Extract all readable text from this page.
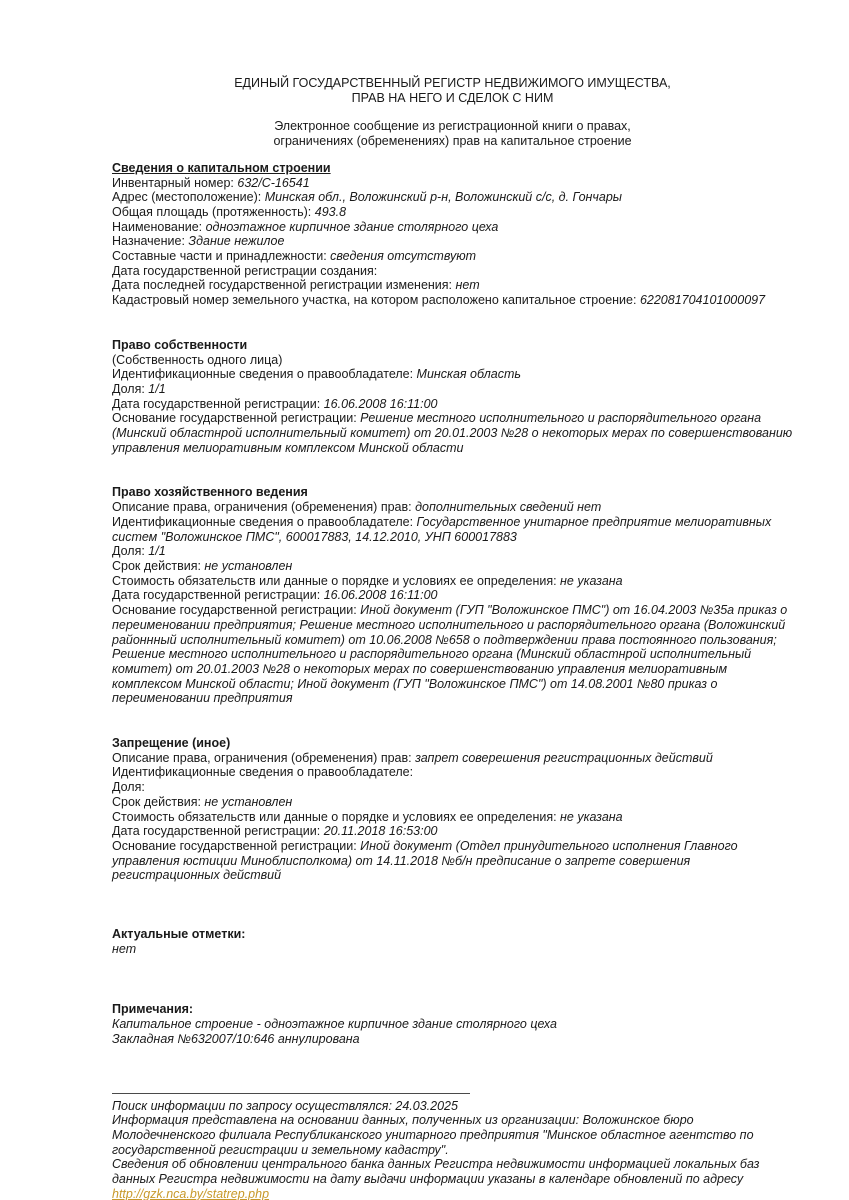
ЕДИНЫЙ ГОСУДАРСТВЕННЫЙ РЕГИСТР НЕДВИЖИМОГО ИМУЩЕСТВА,
ПРАВ НА НЕГО И СДЕЛОК С НИМ
Электронное сообщение из регистрационной книги о правах,
ограничениях (обременениях) прав на капитальное строение
Сведения о капитальном строении
Инвентарный номер: 632/С-16541
Адрес (местоположение): Минская обл., Воложинский р-н, Воложинский с/с, д. Гончары
Общая площадь (протяженность): 493.8
Наименование: одноэтажное кирпичное здание столярного цеха
Назначение: Здание нежилое
Составные части и принадлежности: сведения отсутствуют
Дата государственной регистрации создания:
Дата последней государственной регистрации изменения: нет
Кадастровый номер земельного участка, на котором расположено капитальное строение: 622081704101000097
Право собственности
(Собственность одного лица)
Идентификационные сведения о правообладателе: Минская область
Доля: 1/1
Дата государственной регистрации: 16.06.2008 16:11:00
Основание государственной регистрации: Решение местного исполнительного и распорядительного органа (Минский областнрой исполнительный комитет) от 20.01.2003 №28 о некоторых мерах по совершенствованию управления мелиоративным комплексом Минской области
Право хозяйственного ведения
Описание права, ограничения (обременения) прав: дополнительных сведений нет
Идентификационные сведения о правообладателе: Государственное унитарное предприятие мелиоративных систем "Воложинское ПМС", 600017883, 14.12.2010, УНП 600017883
Доля: 1/1
Срок действия: не установлен
Стоимость обязательств или данные о порядке и условиях ее определения: не указана
Дата государственной регистрации: 16.06.2008 16:11:00
Основание государственной регистрации: Иной документ (ГУП "Воложинское ПМС") от 16.04.2003 №35а приказ о переименовании предприятия; Решение местного исполнительного и распорядительного органа (Воложинский районнный исполнительный комитет) от 10.06.2008 №658 о подтверждении права постоянного пользования; Решение местного исполнительного и распорядительного органа (Минский областнрой исполнительный комитет) от 20.01.2003 №28 о некоторых мерах по совершенствованию управления мелиоративным комплексом Минской области; Иной документ (ГУП "Воложинское ПМС") от 14.08.2001 №80 приказ о переименовании предприятия
Запрещение (иное)
Описание права, ограничения (обременения) прав: запрет соверешения регистрационных действий
Идентификационные сведения о правообладателе:
Доля:
Срок действия: не установлен
Стоимость обязательств или данные о порядке и условиях ее определения: не указана
Дата государственной регистрации: 20.11.2018 16:53:00
Основание государственной регистрации: Иной документ (Отдел принудительного исполнения Главного управления юстиции Миноблисполкома) от 14.11.2018 №б/н предписание о запрете совершения регистрационных действий
Актуальные отметки:
нет
Примечания:
Капитальное строение - одноэтажное кирпичное здание столярного цеха
Закладная №632007/10:646 аннулирована
Поиск информации по запросу осуществлялся: 24.03.2025
Информация представлена на основании данных, полученных из организации: Воложинское бюро Молодечненского филиала Республиканского унитарного предприятия "Минское областное агентство по государственной регистрации и земельному кадастру".
Сведения об обновлении центрального банка данных Регистра недвижимости информацией локальных баз данных Регистра недвижимости на дату выдачи информации указаны в календаре обновлений по адресу http://gzk.nca.by/statrep.php
